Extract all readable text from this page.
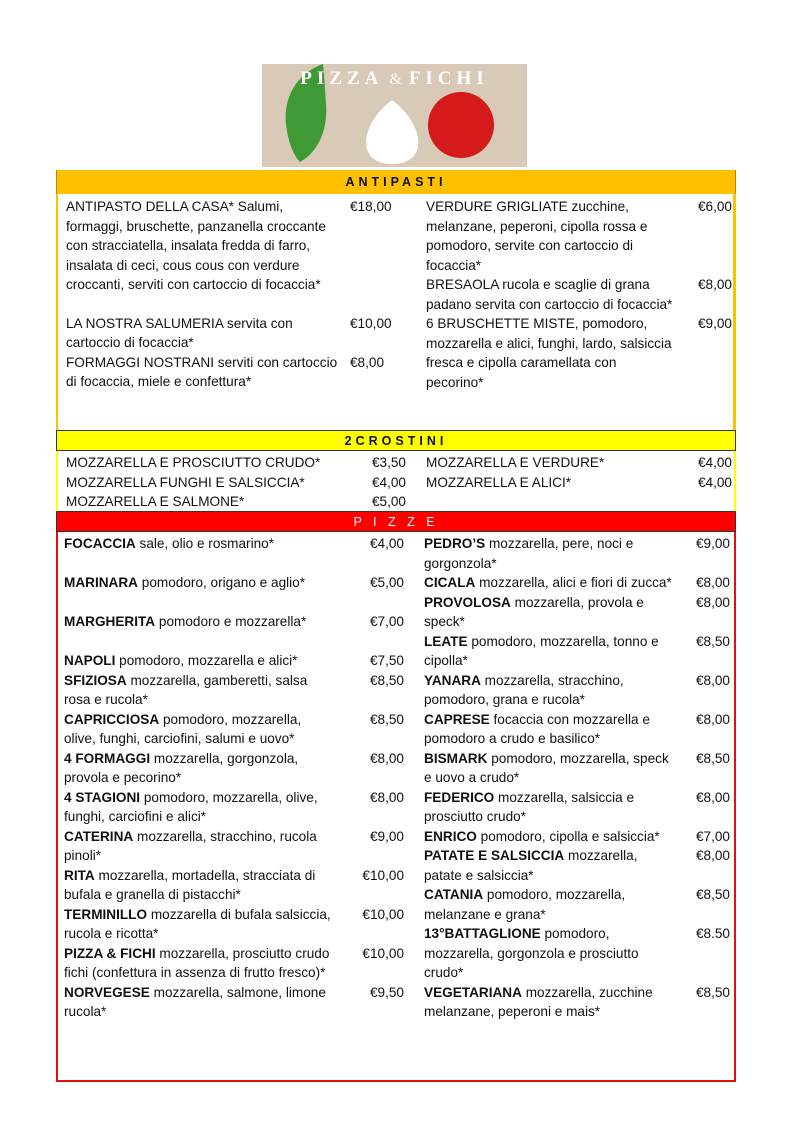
PIZZA & FICHI
ANTIPASTI
ANTIPASTO DELLA CASA* Salumi, formaggi, bruschette, panzanella croccante con stracciatella, insalata fredda di farro, insalata di ceci, cous cous con verdure croccanti, serviti con cartoccio di focaccia*
€18,00
LA NOSTRA SALUMERIA servita con cartoccio di focaccia*
€10,00
FORMAGGI NOSTRANI serviti con cartoccio di focaccia, miele e confettura*
€8,00
VERDURE GRIGLIATE zucchine, melanzane, peperoni, cipolla rossa e pomodoro, servite con cartoccio di focaccia*
€6,00
BRESAOLA rucola e scaglie di grana padano servita con cartoccio di focaccia*
€8,00
6 BRUSCHETTE MISTE, pomodoro, mozzarella e alici, funghi, lardo, salsiccia fresca e cipolla caramellata con pecorino*
€9,00
2CROSTINI
MOZZARELLA E PROSCIUTTO CRUDO*	€3,50
MOZZARELLA FUNGHI E SALSICCIA*	€4,00
MOZZARELLA E SALMONE*	€5,00
MOZZARELLA E VERDURE*	€4,00
MOZZARELLA E ALICI*	€4,00
P I Z Z E
FOCACCIA sale, olio e rosmarino*	€4,00
MARINARA pomodoro, origano e aglio*	€5,00
MARGHERITA pomodoro e mozzarella*	€7,00
NAPOLI pomodoro, mozzarella e alici*	€7,50
SFIZIOSA mozzarella, gamberetti, salsa rosa e rucola*
€8,50
CAPRICCIOSA pomodoro, mozzarella, olive, funghi, carciofini, salumi e uovo*
€8,50
4 FORMAGGI mozzarella, gorgonzola, provola e pecorino*
€8,00
4 STAGIONI pomodoro, mozzarella, olive, funghi, carciofini e alici*
€8,00
CATERINA mozzarella, stracchino, rucola pinoli*
€9,00
RITA mozzarella, mortadella, stracciata di bufala e granella di pistacchi*
€10,00
TERMINILLO mozzarella di bufala salsiccia, rucola e ricotta*
€10,00
PIZZA & FICHI mozzarella, prosciutto crudo fichi (confettura in assenza di frutto fresco)*
€10,00
NORVEGESE mozzarella, salmone, limone rucola*
€9,50
PEDRO’S mozzarella, pere, noci e gorgonzola*
€9,00
CICALA mozzarella, alici e fiori di zucca*	€8,00
PROVOLOSA mozzarella, provola e speck*
€8,00
LEATE pomodoro, mozzarella, tonno e cipolla*
€8,50
YANARA mozzarella, stracchino, pomodoro, grana e rucola*
€8,00
CAPRESE focaccia con mozzarella e pomodoro a crudo e basilico*
€8,00
BISMARK pomodoro, mozzarella, speck e uovo a crudo*
€8,50
FEDERICO mozzarella, salsiccia e prosciutto crudo*
€8,00
ENRICO pomodoro, cipolla e salsiccia*	€7,00
PATATE E SALSICCIA mozzarella, patate e salsiccia*
€8,00
CATANIA pomodoro, mozzarella, melanzane e grana*
€8,50
13°BATTAGLIONE pomodoro, mozzarella, gorgonzola e prosciutto crudo*
€8.50
VEGETARIANA mozzarella, zucchine melanzane, peperoni e mais*
€8,50
